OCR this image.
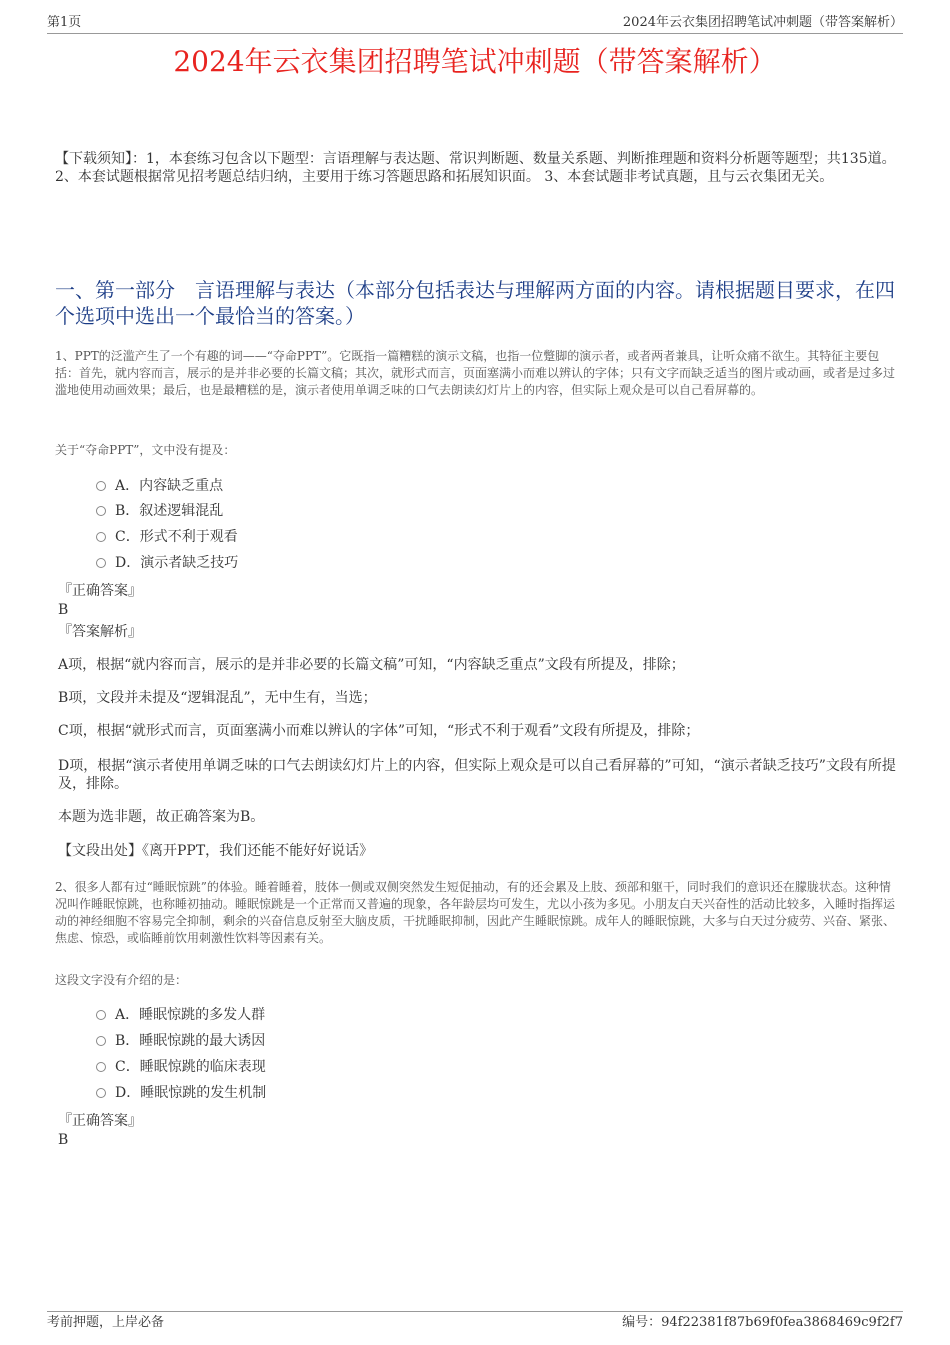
第1页	2024年云衣集团招聘笔试冲刺题（带答案解析）
2024年云衣集团招聘笔试冲刺题（带答案解析）
【下载须知】：1，本套练习包含以下题型：言语理解与表达题、常识判断题、数量关系题、判断推理题和资料分析题等题型；共135道。 2、本套试题根据常见招考题总结归纳，主要用于练习答题思路和拓展知识面。 3、本套试题非考试真题，且与云衣集团无关。
一、第一部分　言语理解与表达（本部分包括表达与理解两方面的内容。请根据题目要求，在四个选项中选出一个最恰当的答案。）
1、PPT的泛滥产生了一个有趣的词——“夺命PPT”。它既指一篇糟糕的演示文稿，也指一位蹩脚的演示者，或者两者兼具，让听众痛不欲生。其特征主要包括：首先，就内容而言，展示的是并非必要的长篇文稿；其次，就形式而言，页面塞满小而难以辨认的字体；只有文字而缺乏适当的图片或动画，或者是过多过滥地使用动画效果；最后，也是最糟糕的是，演示者使用单调乏味的口气去朗读幻灯片上的内容，但实际上观众是可以自己看屏幕的。
关于“夺命PPT”，文中没有提及：
A．内容缺乏重点
B．叙述逻辑混乱
C．形式不利于观看
D．演示者缺乏技巧
『正确答案』
B
『答案解析』
A项，根据“就内容而言，展示的是并非必要的长篇文稿”可知，“内容缺乏重点”文段有所提及，排除；
B项，文段并未提及“逻辑混乱”，无中生有，当选；
C项，根据“就形式而言，页面塞满小而难以辨认的字体”可知，“形式不利于观看”文段有所提及，排除；
D项，根据“演示者使用单调乏味的口气去朗读幻灯片上的内容，但实际上观众是可以自己看屏幕的”可知，“演示者缺乏技巧”文段有所提及，排除。
本题为选非题，故正确答案为B。
【文段出处】《离开PPT，我们还能不能好好说话》
2、很多人都有过“睡眠惊跳”的体验。睡着睡着，肢体一侧或双侧突然发生短促抽动，有的还会累及上肢、颈部和躯干，同时我们的意识还在朦胧状态。这种情况叫作睡眠惊跳，也称睡初抽动。睡眠惊跳是一个正常而又普遍的现象，各年龄层均可发生，尤以小孩为多见。小朋友白天兴奋性的活动比较多，入睡时指挥运动的神经细胞不容易完全抑制，剩余的兴奋信息反射至大脑皮质，干扰睡眠抑制，因此产生睡眠惊跳。成年人的睡眠惊跳，大多与白天过分疲劳、兴奋、紧张、焦虑、惊恐，或临睡前饮用刺激性饮料等因素有关。
这段文字没有介绍的是：
A．睡眠惊跳的多发人群
B．睡眠惊跳的最大诱因
C．睡眠惊跳的临床表现
D．睡眠惊跳的发生机制
『正确答案』
B
考前押题，上岸必备	编号：94f22381f87b69f0fea3868469c9f2f7
